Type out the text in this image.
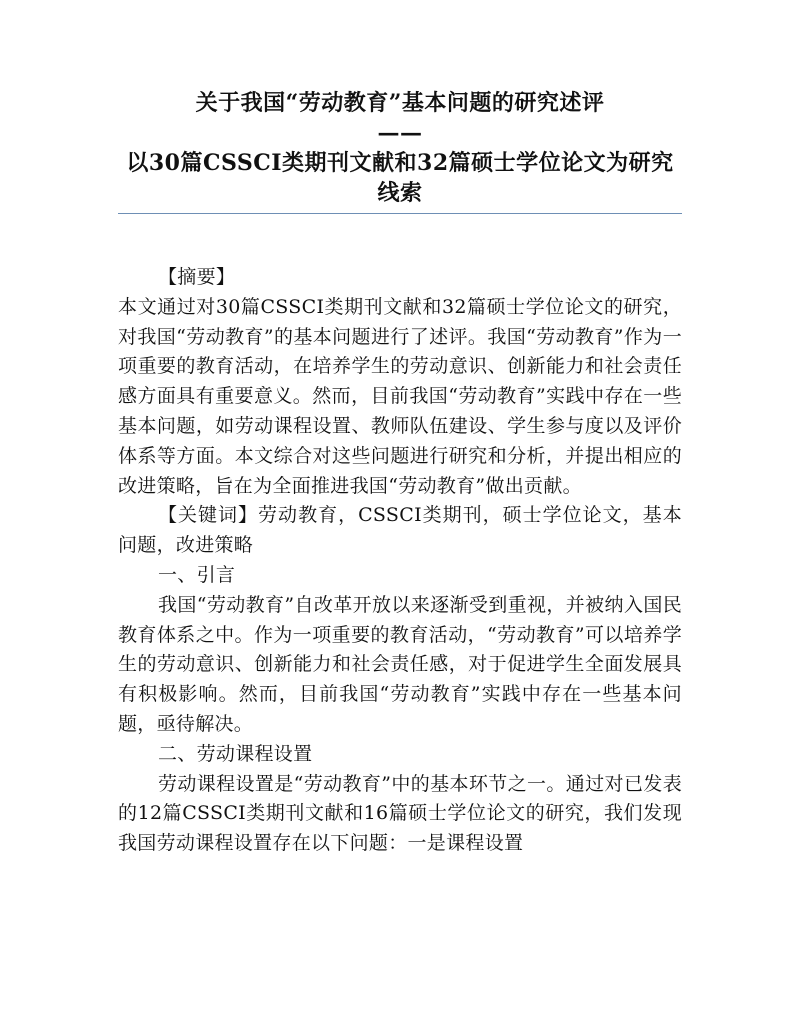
关于我国“劳动教育”基本问题的研究述评
——
以30篇CSSCI类期刊文献和32篇硕士学位论文为研究
线索

【摘要】

本文通过对30篇CSSCI类期刊文献和32篇硕士学位论文的研究，对我国“劳动教育”的基本问题进行了述评。我国“劳动教育”作为一项重要的教育活动，在培养学生的劳动意识、创新能力和社会责任感方面具有重要意义。然而，目前我国“劳动教育”实践中存在一些基本问题，如劳动课程设置、教师队伍建设、学生参与度以及评价体系等方面。本文综合对这些问题进行研究和分析，并提出相应的改进策略，旨在为全面推进我国“劳动教育”做出贡献。

【关键词】劳动教育，CSSCI类期刊，硕士学位论文，基本问题，改进策略

一、引言

我国“劳动教育”自改革开放以来逐渐受到重视，并被纳入国民教育体系之中。作为一项重要的教育活动，“劳动教育”可以培养学生的劳动意识、创新能力和社会责任感，对于促进学生全面发展具有积极影响。然而，目前我国“劳动教育”实践中存在一些基本问题，亟待解决。

二、劳动课程设置

劳动课程设置是“劳动教育”中的基本环节之一。通过对已发表的12篇CSSCI类期刊文献和16篇硕士学位论文的研究，我们发现我国劳动课程设置存在以下问题：一是课程设置
